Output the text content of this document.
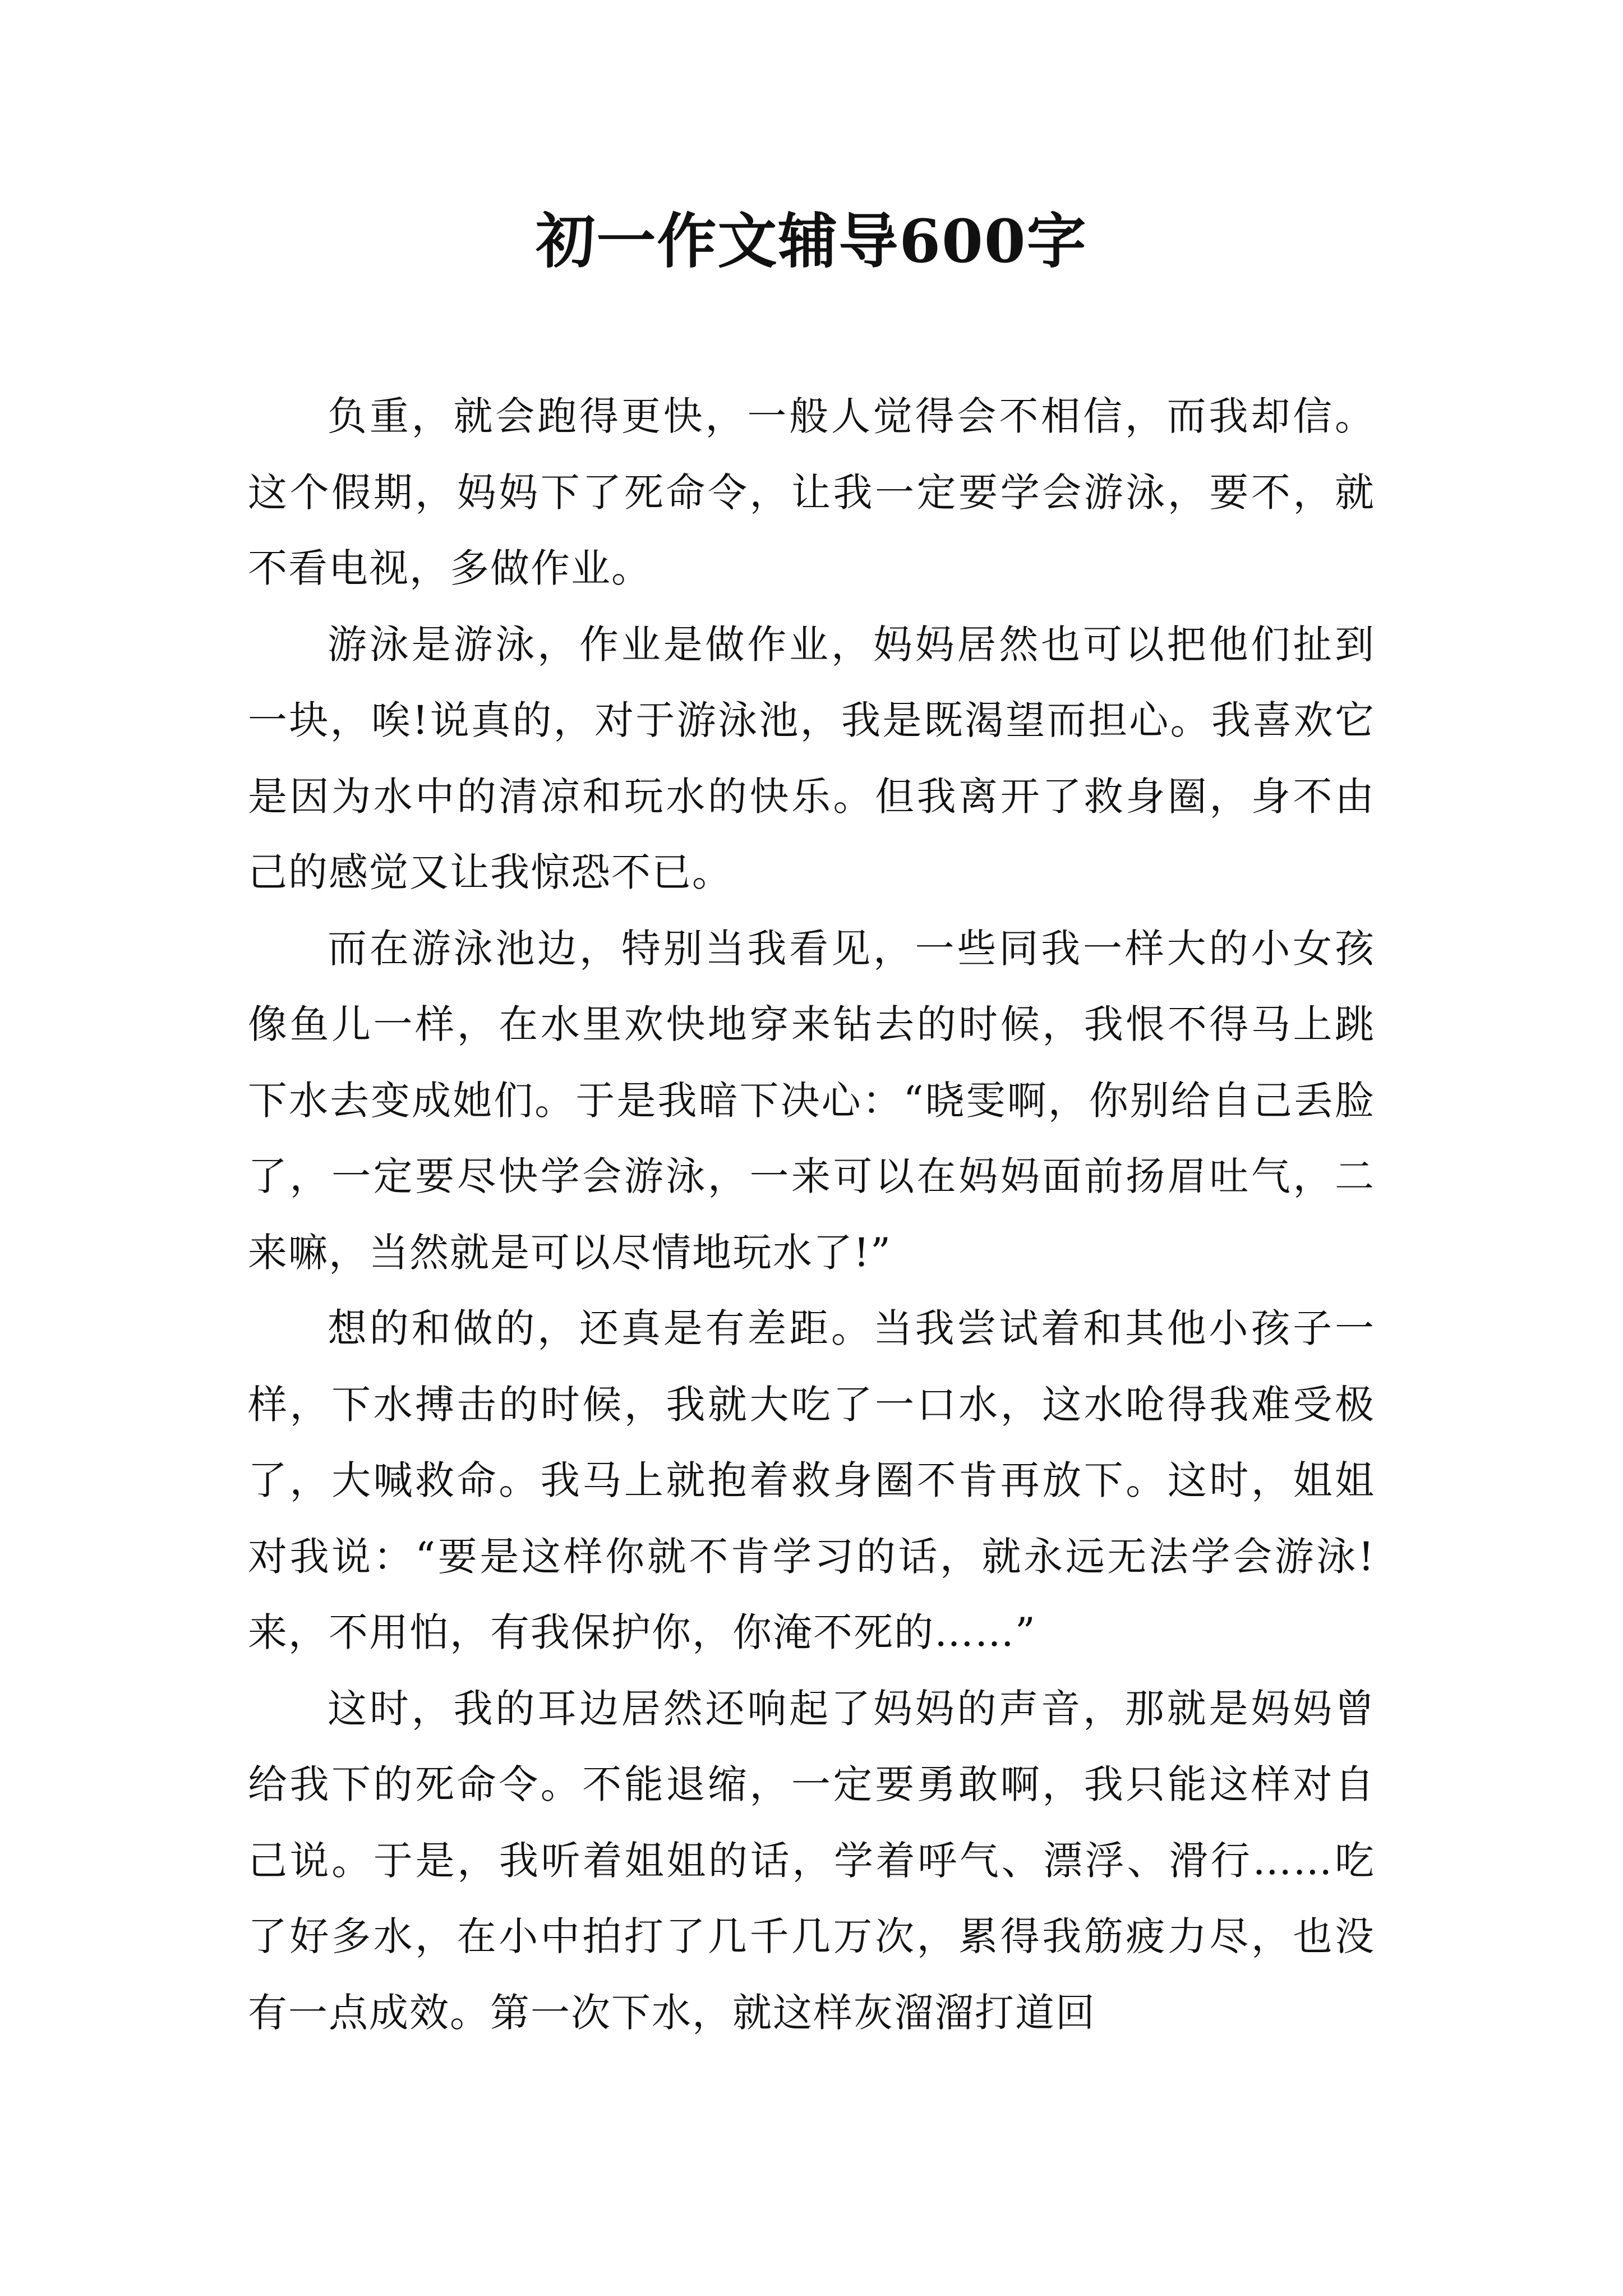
初一作文辅导600字

负重，就会跑得更快，一般人觉得会不相信，而我却信。这个假期，妈妈下了死命令，让我一定要学会游泳，要不，就不看电视，多做作业。

游泳是游泳，作业是做作业，妈妈居然也可以把他们扯到一块，唉!说真的，对于游泳池，我是既渴望而担心。我喜欢它是因为水中的清凉和玩水的快乐。但我离开了救身圈，身不由己的感觉又让我惊恐不已。

而在游泳池边，特别当我看见，一些同我一样大的小女孩像鱼儿一样，在水里欢快地穿来钻去的时候，我恨不得马上跳下水去变成她们。于是我暗下决心：“晓雯啊，你别给自己丢脸了，一定要尽快学会游泳，一来可以在妈妈面前扬眉吐气，二来嘛，当然就是可以尽情地玩水了!”

想的和做的，还真是有差距。当我尝试着和其他小孩子一样，下水搏击的时候，我就大吃了一口水，这水呛得我难受极了，大喊救命。我马上就抱着救身圈不肯再放下。这时，姐姐对我说：“要是这样你就不肯学习的话，就永远无法学会游泳!来，不用怕，有我保护你，你淹不死的……”

这时，我的耳边居然还响起了妈妈的声音，那就是妈妈曾给我下的死命令。不能退缩，一定要勇敢啊，我只能这样对自己说。于是，我听着姐姐的话，学着呼气、漂浮、滑行……吃了好多水，在小中拍打了几千几万次，累得我筋疲力尽，也没有一点成效。第一次下水，就这样灰溜溜打道回
